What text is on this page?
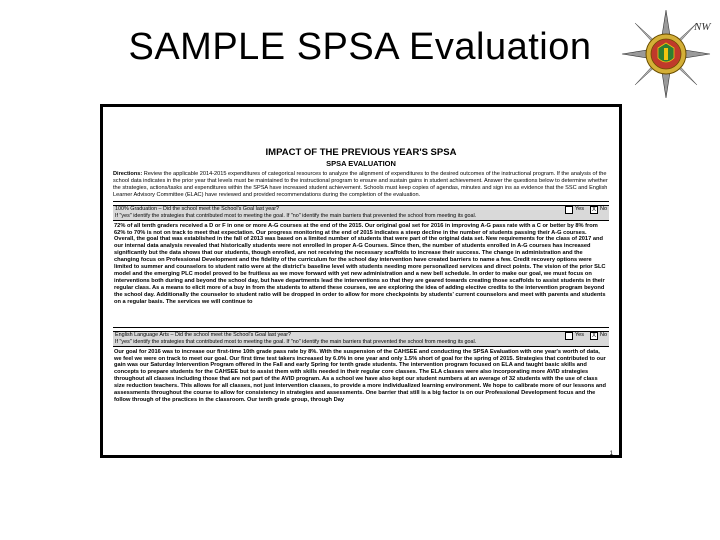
SAMPLE SPSA Evaluation	NW
IMPACT OF THE PREVIOUS YEAR'S SPSA
SPSA EVALUATION
Directions: Review the applicable 2014-2015 expenditures of categorical resources to analyze the alignment of expenditures to the desired outcomes of the instructional program. If the analysis of the school data indicates in the prior year that levels must be maintained to the instructional program to ensure and sustain gains in student achievement. Answer the questions below to determine whether the strategies, actions/tasks and expenditures within the SPSA have increased student achievement. Schools must keep copies of agendas, minutes and sign ins as evidence that the SSC and English Learner Advisory Committee (ELAC) have reviewed and provided recommendations during the completion of the evaluation.
100% Graduation – Did the school meet the School's Goal last year?
If "yes" identify the strategies that contributed most to meeting the goal. If "no" identify the main barriers that prevented the school from meeting its goal.
Yes	X No
72% of all tenth graders received a D or F in one or more A-G courses at the end of the 2015. Our original goal set for 2016 in improving A-G pass rate with a C or better by 8% from 62% to 70% is not on track to meet that expectation. Our progress monitoring at the end of 2015 indicates a steep decline in the number of students passing their A-G courses. Overall, the goal that was established in the fall of 2013 was based on a limited number of students that were part of the original data set. New requirements for the class of 2017 and our internal data analysis revealed that historically students were not enrolled in proper A-G Courses. Since then, the number of students enrolled in A-G courses has increased significantly but the data shows that our students, though enrolled, are not receiving the necessary scaffolds to increase their success. The change in administration and the changing focus on Professional Development and the fidelity of the curriculum for the school day intervention have created barriers to name a few. Credit recovery options were limited to summer and counselors to student ratio were at the district's baseline level with students needing more personalized services and direct points. The vision of the prior SLC model and the emerging PLC model proved to be fruitless as we move forward with yet new administration and a new bell schedule. In order to make our goal, we must focus on interventions both during and beyond the school day, but have departments lead the interventions so that they are geared towards creating those scaffolds to assist students in their regular class. As a means to elicit more of a buy in from the students to attend these courses, we are exploring the idea of adding elective credits to the intervention program beyond the school day. Additionally the counselor to student ratio will be dropped in order to allow for more checkpoints by students' current counselors and meet with parents and students on a regular basis. The services we will continue to
English Language Arts – Did the school meet the School's Goal last year?
If "yes" identify the strategies that contributed most to meeting the goal. If "no" identify the main barriers that prevented the school from meeting its goal.
Yes	X No
Our goal for 2016 was to increase our first-time 10th grade pass rate by 8%. With the suspension of the CAHSEE and conducting the SPSA Evaluation with one year's worth of data, we feel we were on track to meet our goal. Our first time test takers increased by 6.0% in one year and only 1.5% short of goal for the spring of 2015. Strategies that contributed to our gain was our Saturday Intervention Program offered in the Fall and early Spring for tenth grade students. The intervention program focused on ELA and taught basic skills and concepts to prepare students for the CAHSEE but to assist them with skills needed in their regular core classes. The ELA classes were also incorporating more AVID strategies throughout all classes including those that are not part of the AVID program. As a school we have also kept our student numbers at an average of 32 students with the use of class size reduction teachers. This allows for all classes, not just intervention classes, to provide a more individualized learning environment. We hope to calibrate more of our lessons and assessments throughout the course to allow for consistency in strategies and assessments. One barrier that still is a big factor is on our Professional Development focus and the follow through of the practices in the classroom. Our tenth grade group, through Day
1
